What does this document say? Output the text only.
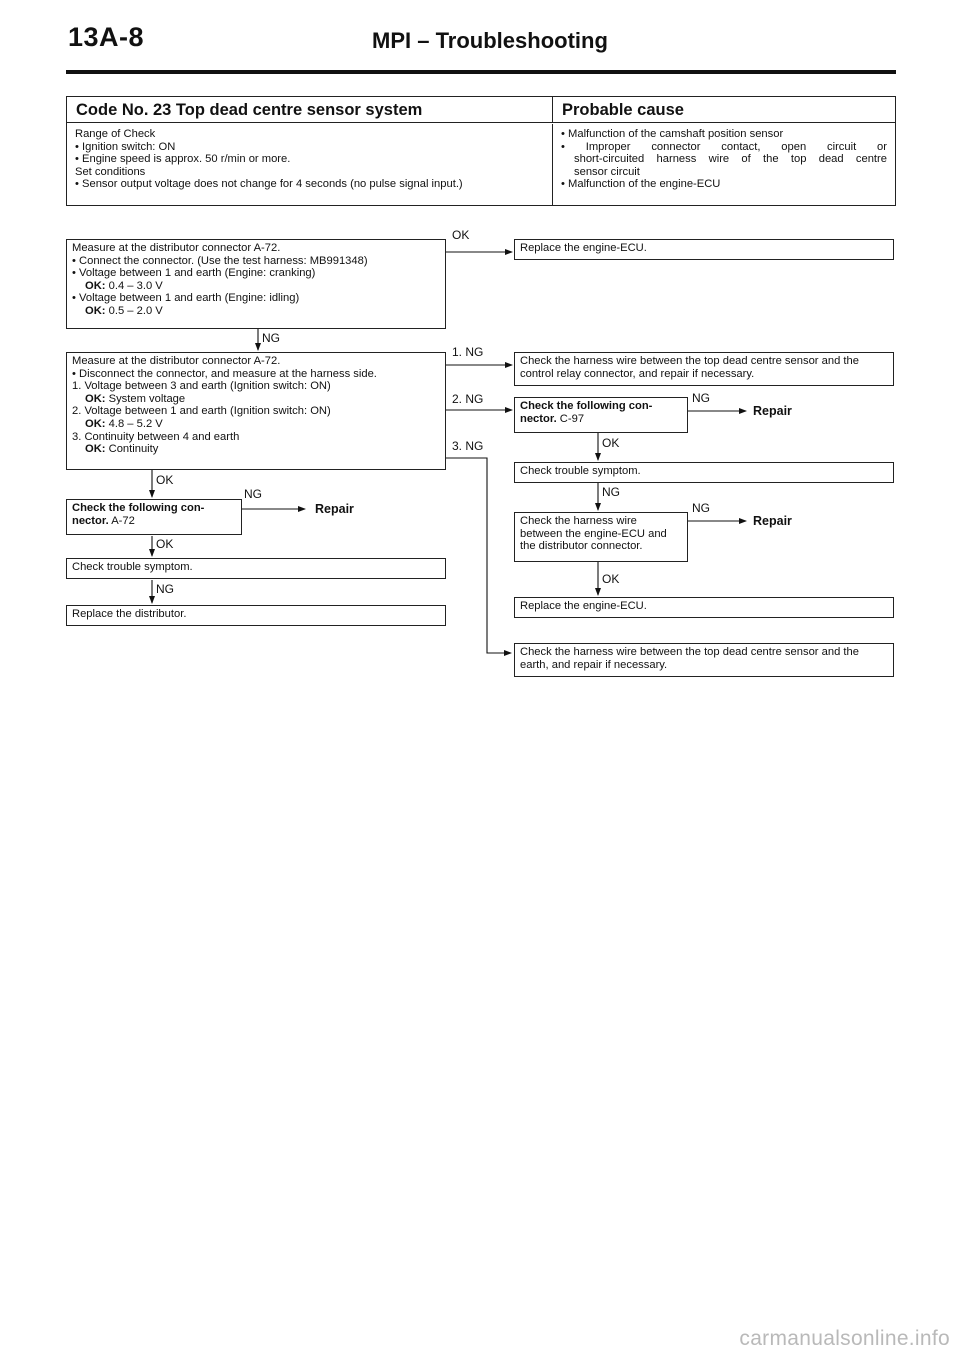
13A-8	MPI – Troubleshooting
Code No. 23 Top dead centre sensor system	Probable cause

Range of Check

• Ignition switch: ON

• Engine speed is approx. 50 r/min or more.

Set conditions

• Sensor output voltage does not change for 4 seconds (no pulse signal input.)

• Malfunction of the camshaft position sensor

• Improper connector contact, open circuit or

short-circuited harness wire of the top dead centre

sensor circuit

• Malfunction of the engine-ECU

Measure at the distributor connector A-72.

• Connect the connector. (Use the test harness: MB991348)

• Voltage between 1 and earth (Engine: cranking)

OK: 0.4 – 3.0 V

• Voltage between 1 and earth (Engine: idling)

OK: 0.5 – 2.0 V

Measure at the distributor connector A-72.

• Disconnect the connector, and measure at the harness side.

1. Voltage between 3 and earth (Ignition switch: ON)

OK: System voltage

2. Voltage between 1 and earth (Ignition switch: ON)

OK: 4.8 – 5.2 V

3. Continuity between 4 and earth

OK: Continuity

Check the following con-nector. A-72
Check trouble symptom.
Replace the distributor.
Replace the engine-ECU.
Check the harness wire between the top dead centre sensor and the control relay connector, and repair if necessary.
Check the following con-nector. C-97
Check trouble symptom.
Check the harness wire between the engine-ECU and the distributor connector.
Replace the engine-ECU.
Check the harness wire between the top dead centre sensor and the earth, and repair if necessary.
OK
NG
1. NG
2. NG
3. NG
OK
NG
Repair
OK
NG
NG
Repair
OK
NG
NG
Repair
OK
carmanualsonline.info
